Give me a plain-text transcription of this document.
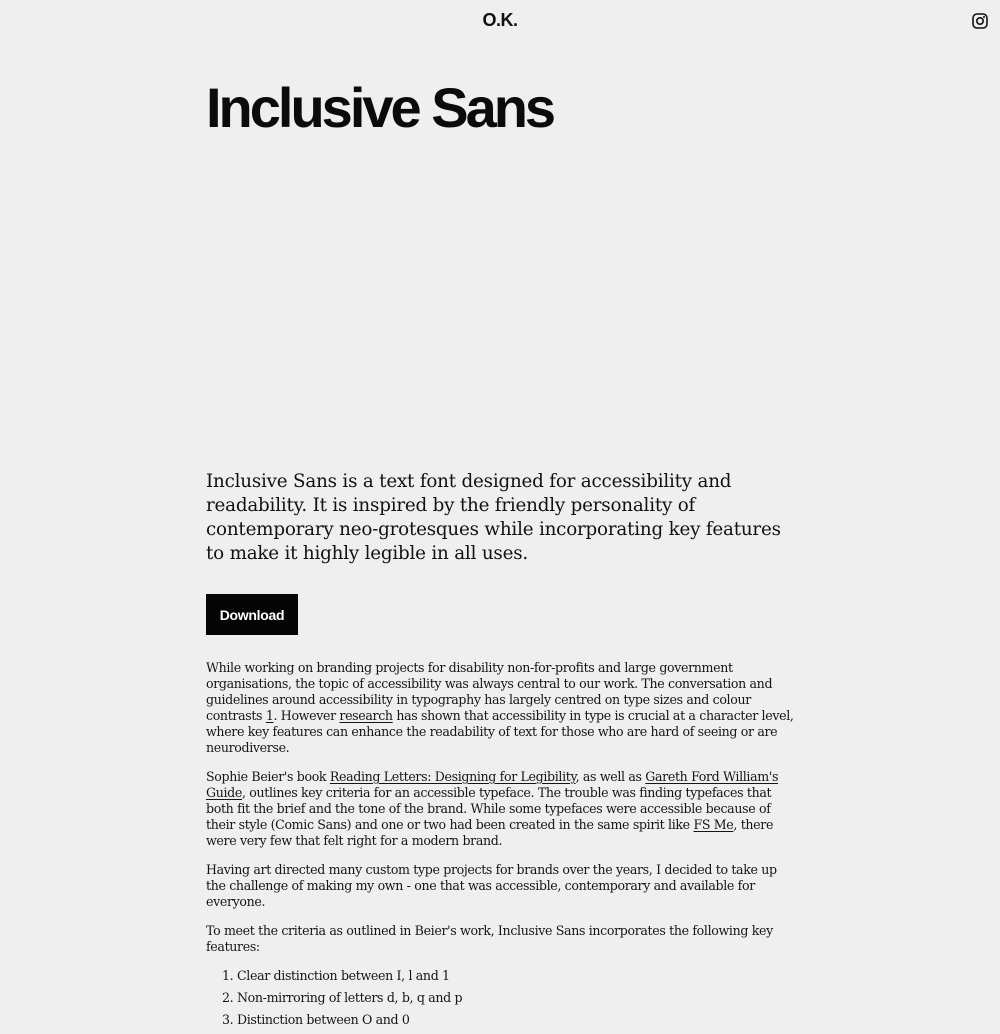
O.K.
Inclusive Sans

Inclusive Sans is a text font designed for accessibility and readability. It is inspired by the friendly personality of contemporary neo-grotesques while incorporating key features to make it highly legible in all uses.

Download

While working on branding projects for disability non-for-profits and large government organisations, the topic of accessibility was always central to our work. The conversation and guidelines around accessibility in typography has largely centred on type sizes and colour contrasts 1. However research has shown that accessibility in type is crucial at a character level, where key features can enhance the readability of text for those who are hard of seeing or are neurodiverse.

Sophie Beier's book Reading Letters: Designing for Legibility, as well as Gareth Ford William's Guide, outlines key criteria for an accessible typeface. The trouble was finding typefaces that both fit the brief and the tone of the brand. While some typefaces were accessible because of their style (Comic Sans) and one or two had been created in the same spirit like FS Me, there were very few that felt right for a modern brand.

Having art directed many custom type projects for brands over the years, I decided to take up the challenge of making my own - one that was accessible, contemporary and available for everyone.

To meet the criteria as outlined in Beier's work, Inclusive Sans incorporates the following key features:

1. Clear distinction between I, l and 1
2. Non-mirroring of letters d, b, q and p
3. Distinction between O and 0
